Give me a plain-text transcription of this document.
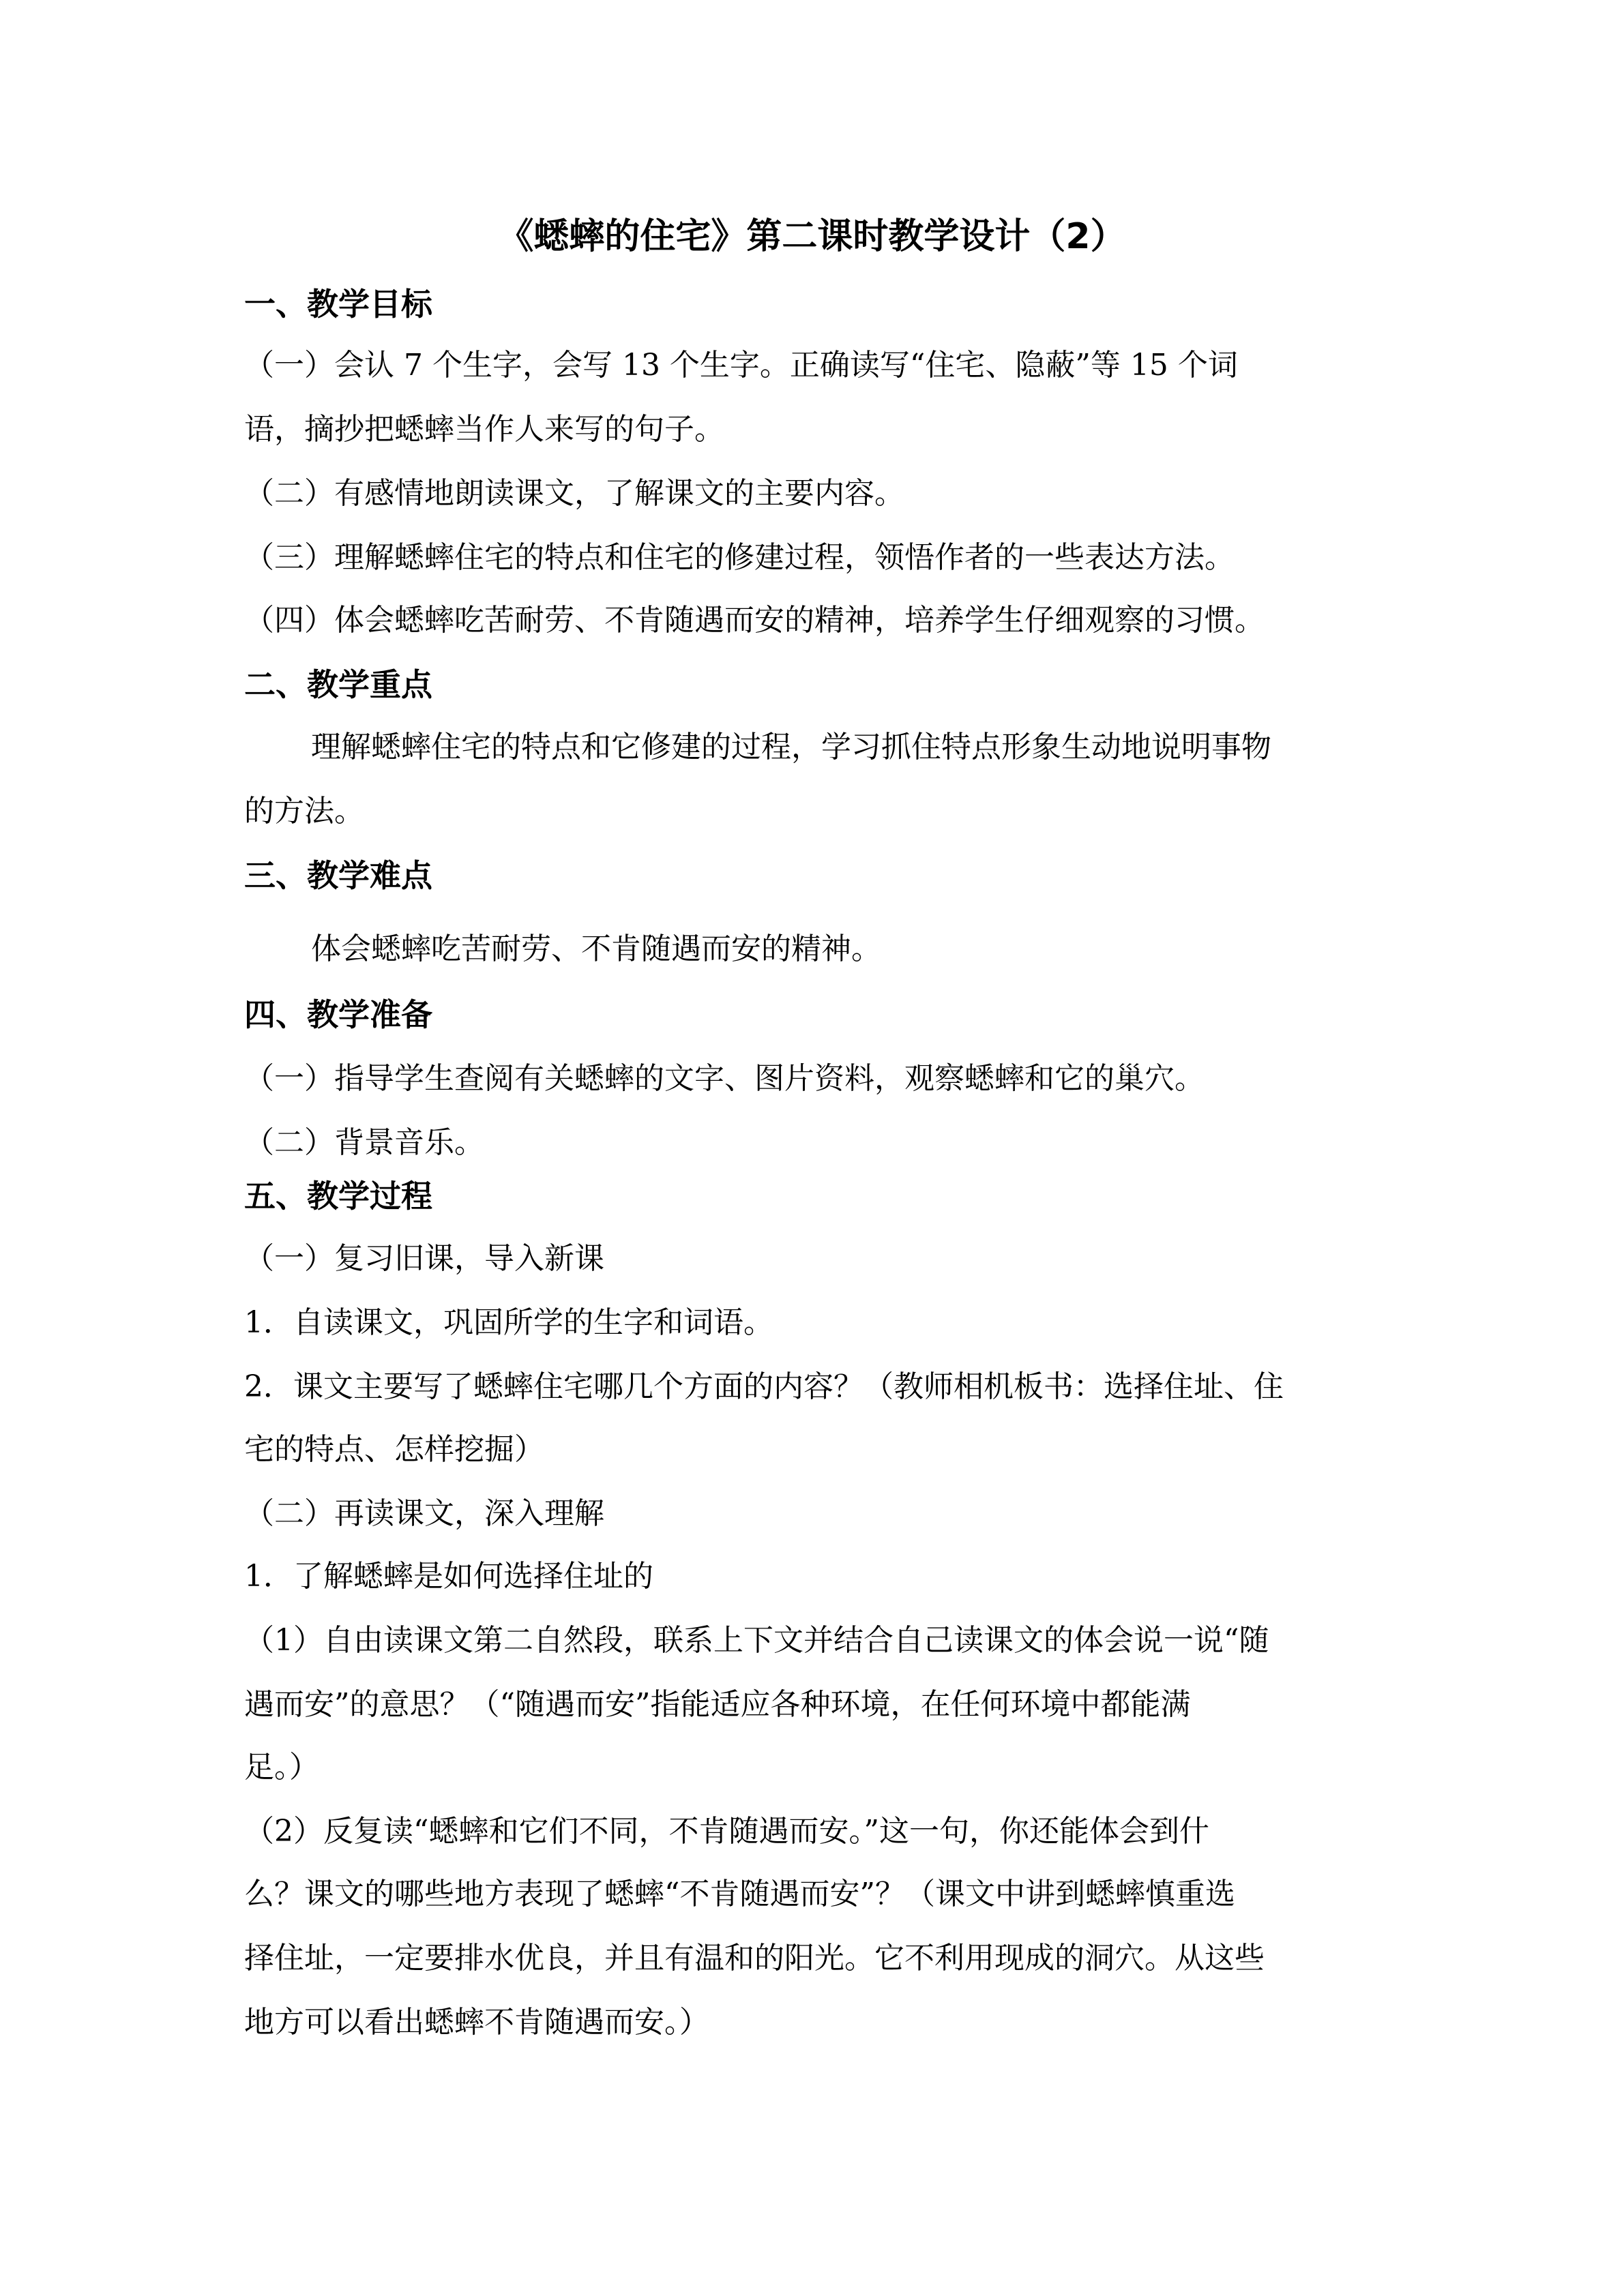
《蟋蟀的住宅》第二课时教学设计（2）
一、教学目标
（一）会认 7 个生字，会写 13 个生字。正确读写“住宅、隐蔽”等 15 个词
语，摘抄把蟋蟀当作人来写的句子。
（二）有感情地朗读课文，了解课文的主要内容。
（三）理解蟋蟀住宅的特点和住宅的修建过程，领悟作者的一些表达方法。
（四）体会蟋蟀吃苦耐劳、不肯随遇而安的精神，培养学生仔细观察的习惯。
二、教学重点
理解蟋蟀住宅的特点和它修建的过程，学习抓住特点形象生动地说明事物
的方法。
三、教学难点
体会蟋蟀吃苦耐劳、不肯随遇而安的精神。
四、教学准备
（一）指导学生查阅有关蟋蟀的文字、图片资料，观察蟋蟀和它的巢穴。
（二）背景音乐。
五、教学过程
（一）复习旧课，导入新课
1．自读课文，巩固所学的生字和词语。
2．课文主要写了蟋蟀住宅哪几个方面的内容？（教师相机板书：选择住址、住
宅的特点、怎样挖掘）
（二）再读课文，深入理解
1．了解蟋蟀是如何选择住址的
（1）自由读课文第二自然段，联系上下文并结合自己读课文的体会说一说“随
遇而安”的意思？（“随遇而安”指能适应各种环境，在任何环境中都能满
足。）
（2）反复读“蟋蟀和它们不同，不肯随遇而安。”这一句，你还能体会到什
么？课文的哪些地方表现了蟋蟀“不肯随遇而安”？（课文中讲到蟋蟀慎重选
择住址，一定要排水优良，并且有温和的阳光。它不利用现成的洞穴。从这些
地方可以看出蟋蟀不肯随遇而安。）
